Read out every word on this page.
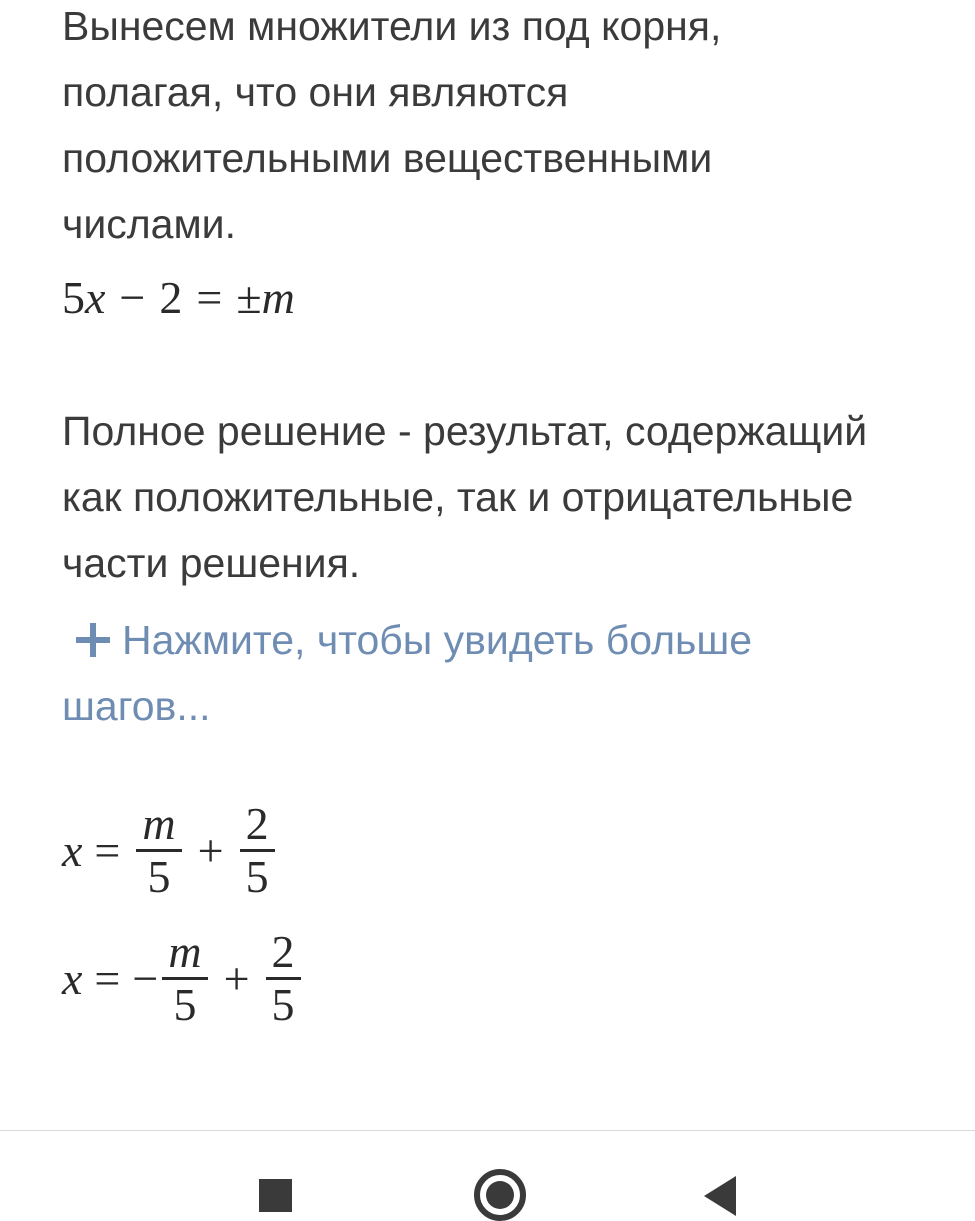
Вынесем множители из под корня,
полагая, что они являются
положительными вещественными
числами.

5x − 2 = ±m

Полное решение - результат, содержащий
как положительные, так и отрицательные
части решения.

Нажмите, чтобы увидеть больше
шагов...
$x = \frac{m}{5} + \frac{2}{5}$
x = − $\frac{m}{5} + \frac{2}{5}$
